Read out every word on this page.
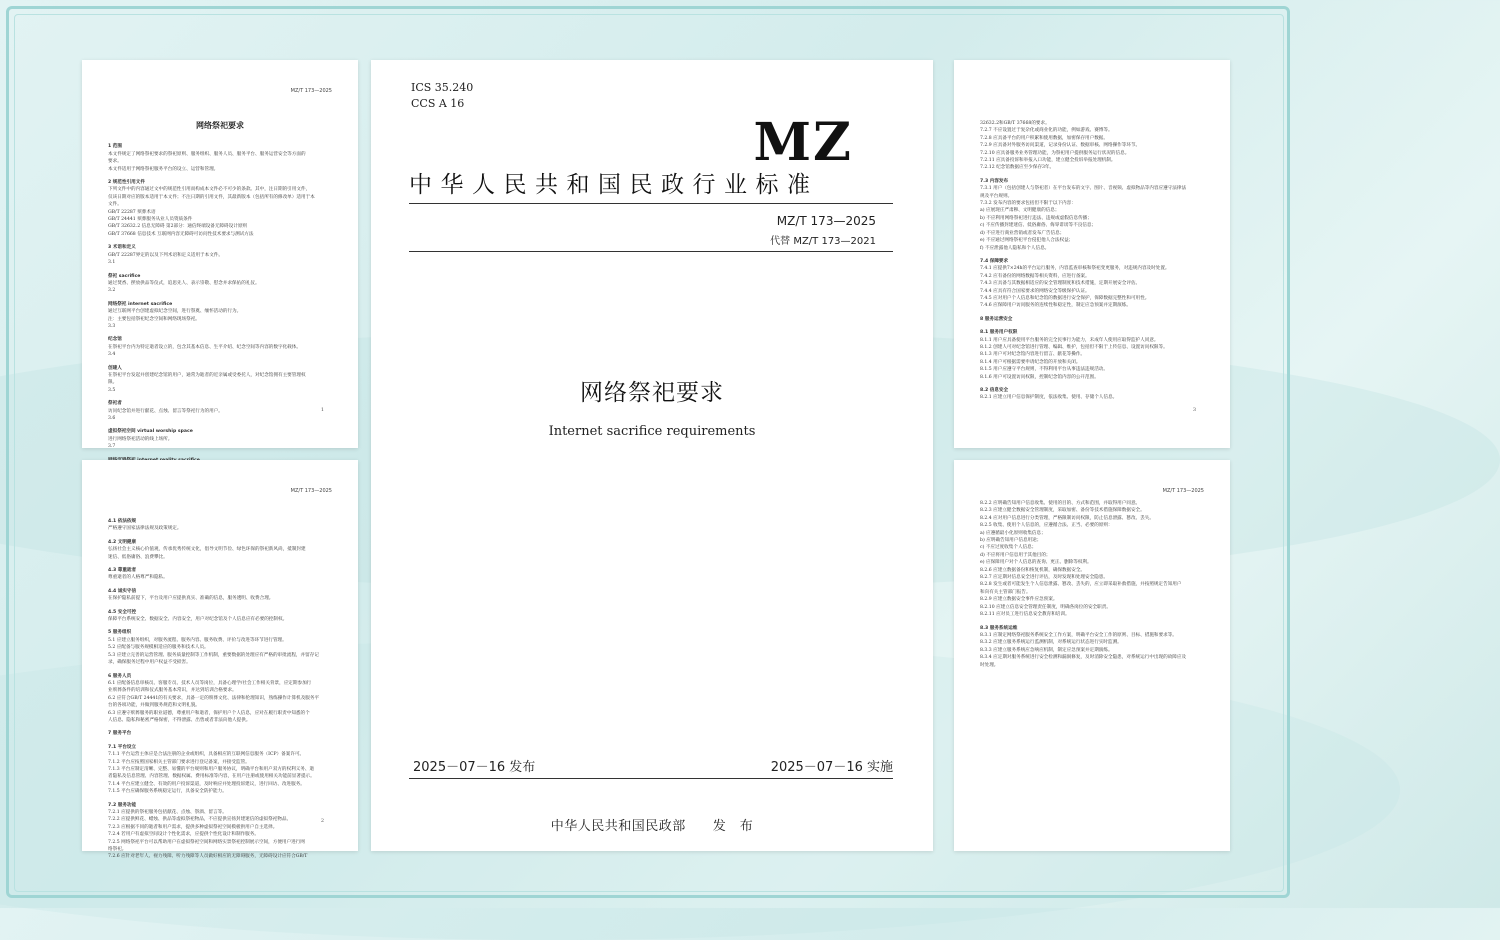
MZ/T 173—2025
网络祭祀要求
1 范围
本文件规定了网络祭祀要求的祭祀原则、服务组织、服务人员、服务平台、服务运营安全等方面的
要求。
本文件适用于网络祭祀服务平台的设立、运营和管理。
2 规范性引用文件
下列文件中的内容通过文中的规范性引用而构成本文件必不可少的条款。其中，注日期的引用文件，
仅该日期对应的版本适用于本文件；不注日期的引用文件，其最新版本（包括所有的修改单）适用于本
文件。
GB/T 22287 殡葬术语
GB/T 24441 殡葬服务从业人员资质条件
GB/T 32632.2 信息无障碍 第2部分：通信终端设备无障碍设计原则
GB/T 37668 信息技术 互联网内容无障碍可访问性技术要求与测试方法
3 术语和定义
GB/T 22287界定的以及下列术语和定义适用于本文件。
3.1
祭祀 sacrifice
通过焚香、摆放供品等仪式，追思先人、表示崇敬、慰念并求保佑的礼仪。
3.2
网络祭祀 internet sacrifice
通过互联网平台创建虚拟纪念空间，进行祭奠、缅怀活动的行为。
注：主要包括祭祀纪念空间和网络现场祭祀。
3.3
纪念馆
在祭祀平台内为特定逝者设立的，包含其基本信息、生平介绍、纪念空间等内容的数字化载体。
3.4
创建人
在祭祀平台发起并创建纪念馆的用户，通常为逝者的近亲属或受委托人，对纪念馆拥有主要管理权
限。
3.5
祭祀者
访问纪念馆并进行献花、点烛、留言等祭祀行为的用户。
3.6
虚拟祭祀空间 virtual worship space
进行网络祭祀活动的线上场所。
3.7
1
MZ/T 173—2025
4.1 依法依规
严格遵守国家法律法规及政策规定。
4.2 文明健康
弘扬社会主义核心价值观，传承优秀传统文化，倡导文明节俭、绿色环保的祭祀新风尚，抵制封建
迷信、低俗庸俗、浪费攀比。
4.3 尊重逝者
尊重逝者的人格尊严和隐私。
4.4 诚实守信
在保护隐私前提下，平台及用户应提供真实、准确的信息，服务透明、收费合理。
4.5 安全可控
保障平台系统安全、数据安全、内容安全，用户对纪念馆及个人信息应有必要的控制权。
5 服务组织
5.1 应建立服务组织，对服务流程、服务内容、服务收费、评价与改进等环节进行管理。
5.2 应配备与服务规模相适应的服务和技术人员。
5.3 应建立完善的运营管理、服务质量控制等工作机制，重要数据的处理应有严格的审批流程，并留存记
录，确保服务过程中用户权益不受损害。
6 服务人员
6.1 应配备信息审核员、客服专员、技术人员等岗位，具备心理学/社会工作相关背景，应定期参加行
业殡葬条件的培训和仪式服务基本常识，并达到培训合格要求。
6.2 应符合GB/T 24441的有关要求，具备一定的殡葬文化、法律和伦理知识，熟练操作计算机及服务平
台的各项功能，并做到服务规范和文明礼貌。
6.3 应遵守殡葬服务的职业道德，尊重用户和逝者，保护用户个人信息，应对在履行职责中知悉的个
人信息、隐私和秘密严格保密，不得泄露、出售或者非法向他人提供。
7 服务平台
7.1 平台设立
7.1.1 平台运营主体应是合法注册的企业或组织，具备相应的互联网信息服务（ICP）备案许可。
7.1.2 平台应按照国家相关主管部门要求进行登记备案，并接受监管。
7.1.3 平台应制定清晰、完整、易懂的平台规则和用户服务协议，明确平台和用户双方的权利义务、逝
者隐私及信息管理、内容管理、数据权属、费用标准等内容，在用户注册或使用相关功能前显著提示。
7.1.4 平台应建立健全、有效的用户投诉渠道，及时响应并处理投诉建议，进行回访、改进服务。
7.1.5 平台应确保服务系统稳定运行，具备安全防护能力。
7.2 服务功能
7.2.1 应提供的祭祀服务包括献花、点烛、祭酒、留言等。
7.2.2 应提供鲜花、蜡烛、供品等虚拟祭祀物品，不应提供宣扬封建迷信的虚拟祭祀物品。
7.2.3 应根据不同的逝者和用户需求，提供多种虚拟祭祀空间模板供用户自主选择。
7.2.4 若用户有虚拟空间设计个性化需求，应提供个性化设计和制作服务。
7.2.5 网络祭祀平台可以帮助用户在虚拟祭祀空间和网络实景祭祀控制展示空间，方便用户进行网
络祭祀。
7.2.6 应针对老年人、视力残障、听力残障等人员做好相应的无障碍服务，无障碍设计应符合GB/T
2
ICS 35.240
CCS A 16
MZ
中华人民共和国民政行业标准
MZ/T 173—2025
代替 MZ/T 173—2021
网络祭祀要求
Internet sacrifice requirements
2025－07－16 发布	2025－07－16 实施
中华人民共和国民政部　　发　布
32632.2和GB/T 37668的要求。
7.2.7 不应设置过于复杂化或商业化的功能，例如游戏、赛博等。
7.2.8 应具备平台的用户积累和使用数据，加密保存用户数据。
7.2.9 应具备对外服务访问渠道，记录身份认证、数据审核、网络操作等环节。
7.2.10 应具备服务业务管理功能，为祭祀用户提供服务运行状况的信息。
7.2.11 应具备投诉和举报入口功能，建立健全投诉举报处理机制。
7.2.12 纪念馆数据应至少保存3年。
7.3 内容发布
7.3.1 用户（包括创建人与祭祀者）在平台发布的文字、图片、音视频、虚拟物品等内容应遵守法律法
规及平台规则。
7.3.2 发布内容的要求包括但不限于以下内容：
a) 应展现庄严肃穆、文明健康的信息；
b) 不应利用网络祭祀进行违法、违规或虚假信息传播；
c) 不应传播封建迷信、低俗庸俗、侮辱诽谤等不良信息；
d) 不应进行商业营销或者发布广告信息；
e) 不应通过网络祭祀平台侵犯他人合法权益；
f) 不应泄露他人隐私和个人信息。
7.4 保障要求
7.4.1 应提供7×24h的平台运行服务，内容监查审核和祭祀变更服务，对违规内容及时处置。
7.4.2 应有备份的网络数据等相关资料，应进行备案。
7.4.3 应具备与其数据相适应的安全管理制度和技术措施，定期开展安全评估。
7.4.4 应具有符合国家要求的网络安全等级保护认证。
7.4.5 应对用户个人信息和纪念馆的数据进行安全保护，保障数据完整性和可用性。
7.4.6 应保障用户访问服务的连续性和稳定性，制定应急预案并定期演练。
8 服务运营安全
8.1 服务用户权限
8.1.1 用户应具备使用平台服务的完全民事行为能力，未成年人使用应取得监护人同意。
8.1.2 创建人可对纪念馆进行管理、编辑、维护，包括但不限于上传信息、设置访问权限等。
8.1.3 用户可对纪念馆内容进行留言、献花等操作。
8.1.4 用户可根据需要申请纪念馆的开放和关闭。
8.1.5 用户应遵守平台规则，不得利用平台从事违法违规活动。
8.1.6 用户可设置访问权限，控制纪念馆内容的公开范围。
8.2 信息安全
8.2.1 应建立用户信息保护制度，依法收集、使用、存储个人信息。
3
MZ/T 173—2025
8.2.2 应明确告知用户信息收集、使用的目的、方式和范围，并取得用户同意。
8.2.3 应建立健全数据安全管理制度，采取加密、备份等技术措施保障数据安全。
8.2.4 应对用户信息进行分类管理，严格限制访问权限，防止信息泄露、篡改、丢失。
8.2.5 收集、使用个人信息的，应遵循合法、正当、必要的原则：
a) 应遵循最小化原则收集信息；
b) 应明确告知用户信息用途；
c) 不应过度收集个人信息；
d) 不应将用户信息用于其他目的；
e) 应保障用户对个人信息的查询、更正、删除等权利。
8.2.6 应建立数据备份和恢复机制，确保数据安全。
8.2.7 应定期对信息安全进行评估，及时发现和处理安全隐患。
8.2.8 发生或者可能发生个人信息泄露、篡改、丢失的，应立即采取补救措施，并按照规定告知用户
和向有关主管部门报告。
8.2.9 应建立数据安全事件应急预案。
8.2.10 应建立信息安全管理责任制度，明确各岗位的安全职责。
8.2.11 应对员工进行信息安全教育和培训。
8.3 服务系统运维
8.3.1 应制定网络祭祀服务系统安全工作方案，明确平台安全工作的原则、目标、措施和要求等。
8.3.2 应建立服务系统运行监测机制，对系统运行状态进行实时监测。
8.3.3 应建立服务系统应急响应机制，制定应急预案并定期演练。
8.3.4 应定期对服务系统进行安全检测和漏洞修复，及时消除安全隐患，对系统运行中出现的故障应及
时处理。
